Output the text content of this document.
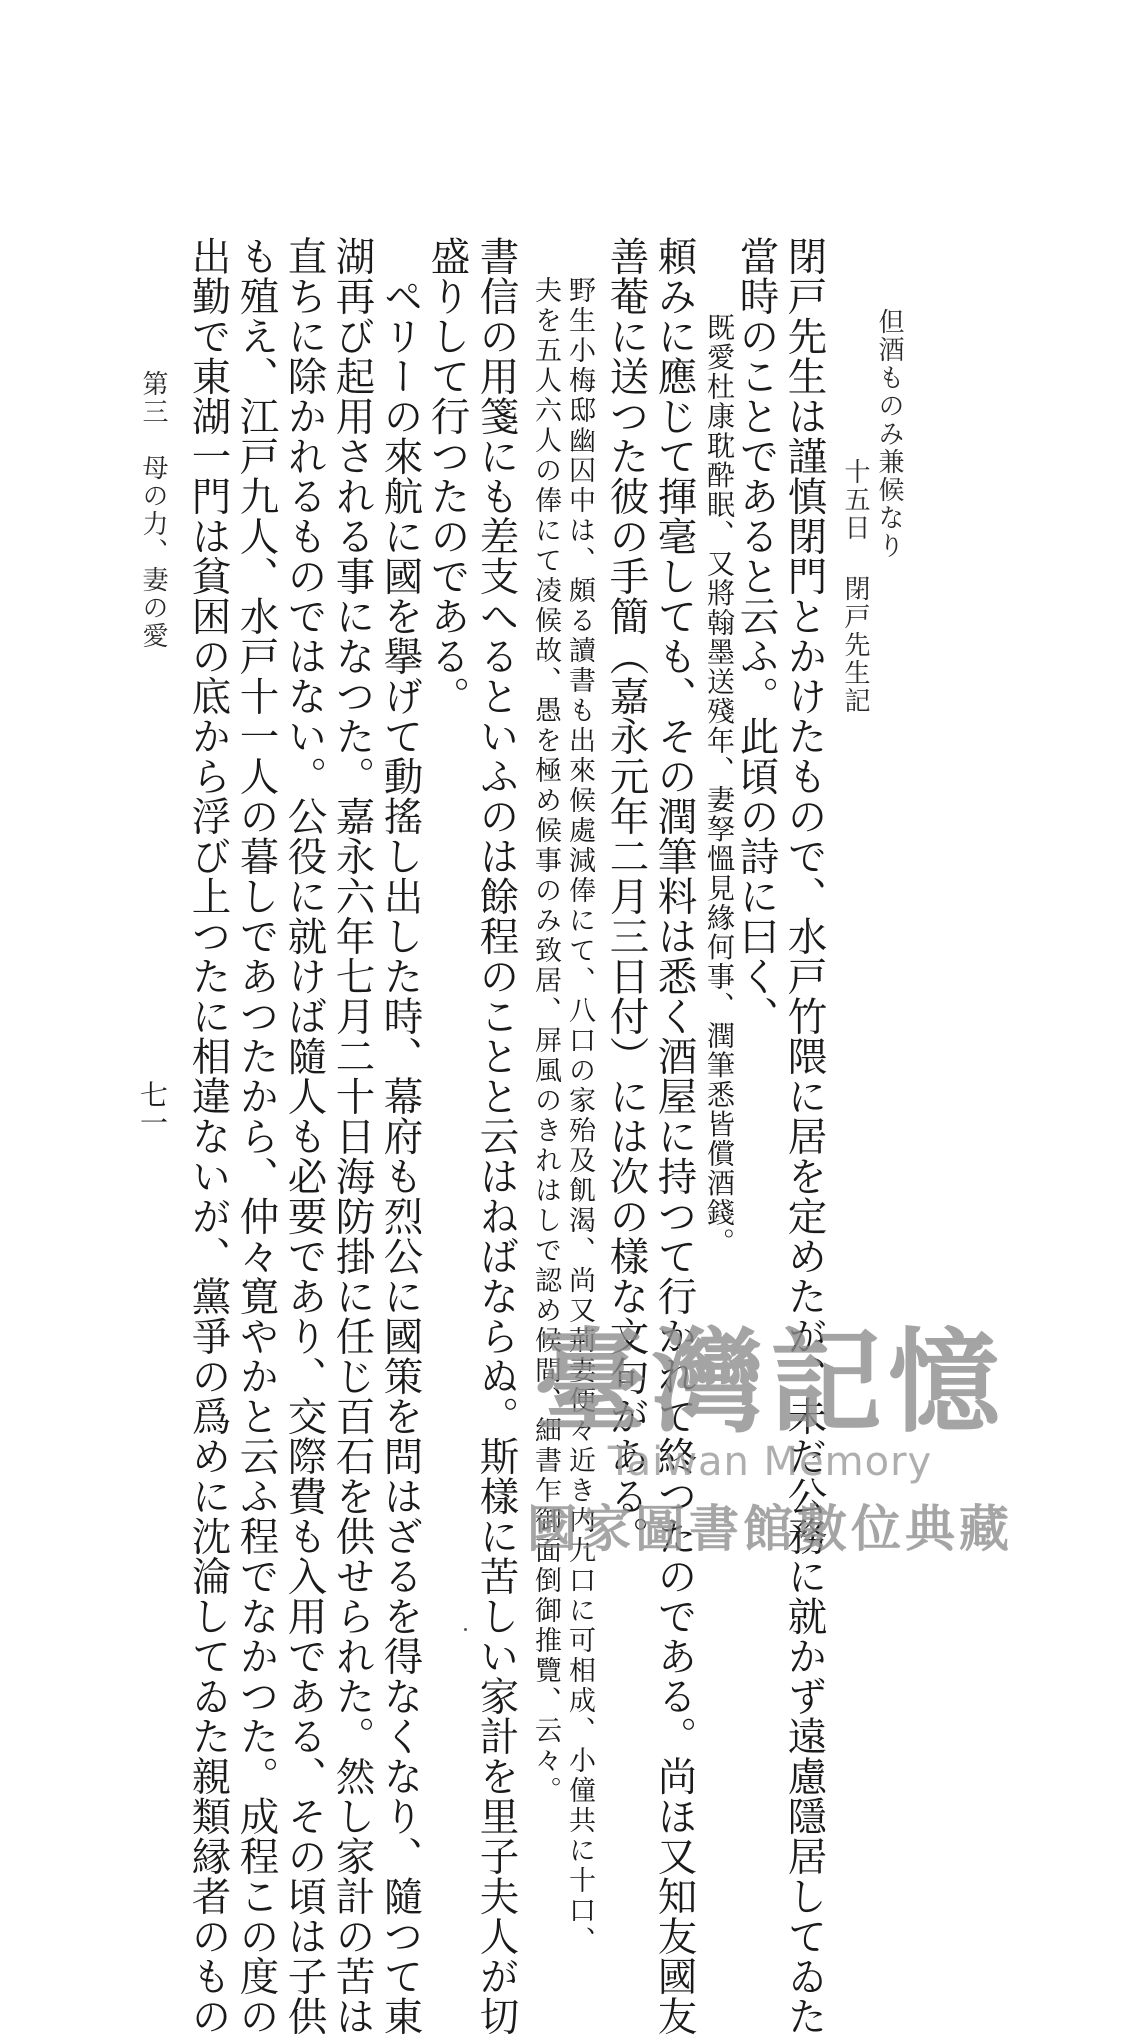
但酒ものみ兼候なり
十五日
閉戸先生記
閉戸先生は謹慎閉門とかけたもので、水戸竹隈に居を定めたが、未だ公務に就かず遠慮隱居してゐた
當時のことであると云ふ。此頃の詩に曰く、
既愛杜康耽酔眠、又將翰墨送殘年、妻孥慍見緣何事、潤筆悉皆償酒錢。
頼みに應じて揮毫しても、その潤筆料は悉く酒屋に持つて行かれて終つたのである。尚ほ又知友國友
善菴に送つた彼の手簡（嘉永元年二月三日付）には次の樣な文句がある。
野生小梅邸幽囚中は、頗る讀書も出來候處減俸にて、八口の家殆及飢渴、尚又荊妻便々近き内九口に可相成、小僮共に十口、
夫を五人六人の俸にて凌候故、愚を極め候事のみ致居、屏風のきれはしで認め候間、細書乍御面倒御推覽、云々。
書信の用箋にも差支へるといふのは餘程のことと云はねばならぬ。斯樣に苦しい家計を里子夫人が切
盛りして行つたのである。
ペリーの來航に國を擧げて動搖し出した時、幕府も烈公に國策を問はざるを得なくなり、隨つて東
湖再び起用される事になつた。嘉永六年七月二十日海防掛に任じ百石を供せられた。然し家計の苦は
直ちに除かれるものではない。公役に就けば隨人も必要であり、交際費も入用である、その頃は子供
も殖え、江戸九人、水戸十一人の暮しであつたから、仲々寛やかと云ふ程でなかつた。成程この度の
出勤で東湖一門は貧困の底から浮び上つたに相違ないが、黨爭の爲めに沈淪してゐた親類縁者のもの
第三　母の力、妻の愛
七一
臺灣記憶
Taiwan Memory
國家圖書館數位典藏
